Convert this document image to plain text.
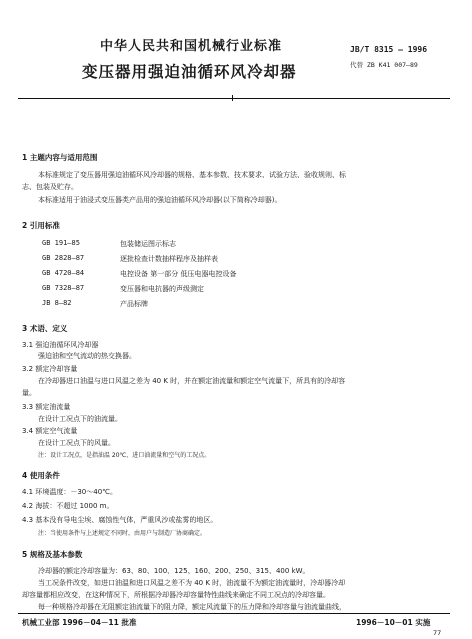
中华人民共和国机械行业标准
变压器用强迫油循环风冷却器
JB/T 8315 — 1996
代替 ZB K41 007—89
1 主题内容与适用范围
本标准规定了变压器用强迫油循环风冷却器的规格、基本参数、技术要求、试验方法、验收规则、标
志、包装及贮存。
本标准适用于油浸式变压器类产品用的强迫油循环风冷却器(以下简称冷却器)。
2 引用标准
GB 191—85	包装储运图示标志
GB 2828—87	逐批检查计数抽样程序及抽样表
GB 4720—84	电控设备 第一部分 低压电器电控设备
GB 7328—87	变压器和电抗器的声级测定
JB 8—82	产品标牌
3 术语、定义
3.1 强迫油循环风冷却器
强迫油和空气流动的热交换器。
3.2 额定冷却容量
在冷却器进口油温与进口风温之差为 40 K 时，并在额定油流量和额定空气流量下，所具有的冷却容
量。
3.3 额定油流量
在设计工况点下的油流量。
3.4 额定空气流量
在设计工况点下的风量。
注：设计工况点，是指油温 20℃、进口油流量和空气的工况点。
4 使用条件
4.1 环境温度：－30～40℃。
4.2 海拔：不超过 1000 m。
4.3 基本没有导电尘埃、腐蚀性气体，严重风沙或盐雾的地区。
注：当使用条件与上述规定不同时，由用户与制造厂协商确定。
5 规格及基本参数
冷却器的额定冷却容量为：63、80、100、125、160、200、250、315、400 kW。
当工况条件改变，如进口油温和进口风温之差不为 40 K 时，油流量不为额定油流量时，冷却器冷却
却容量都相应改变，在这种情况下，所根据冷却器冷却容量特性曲线来确定不同工况点的冷却容量。
每一种规格冷却器在无阻额定油流量下的阻力降，额定风流量下的压力降和冷却容量与油流量曲线，
机械工业部 1996－04－11 批准	1996－10－01 实施
77
